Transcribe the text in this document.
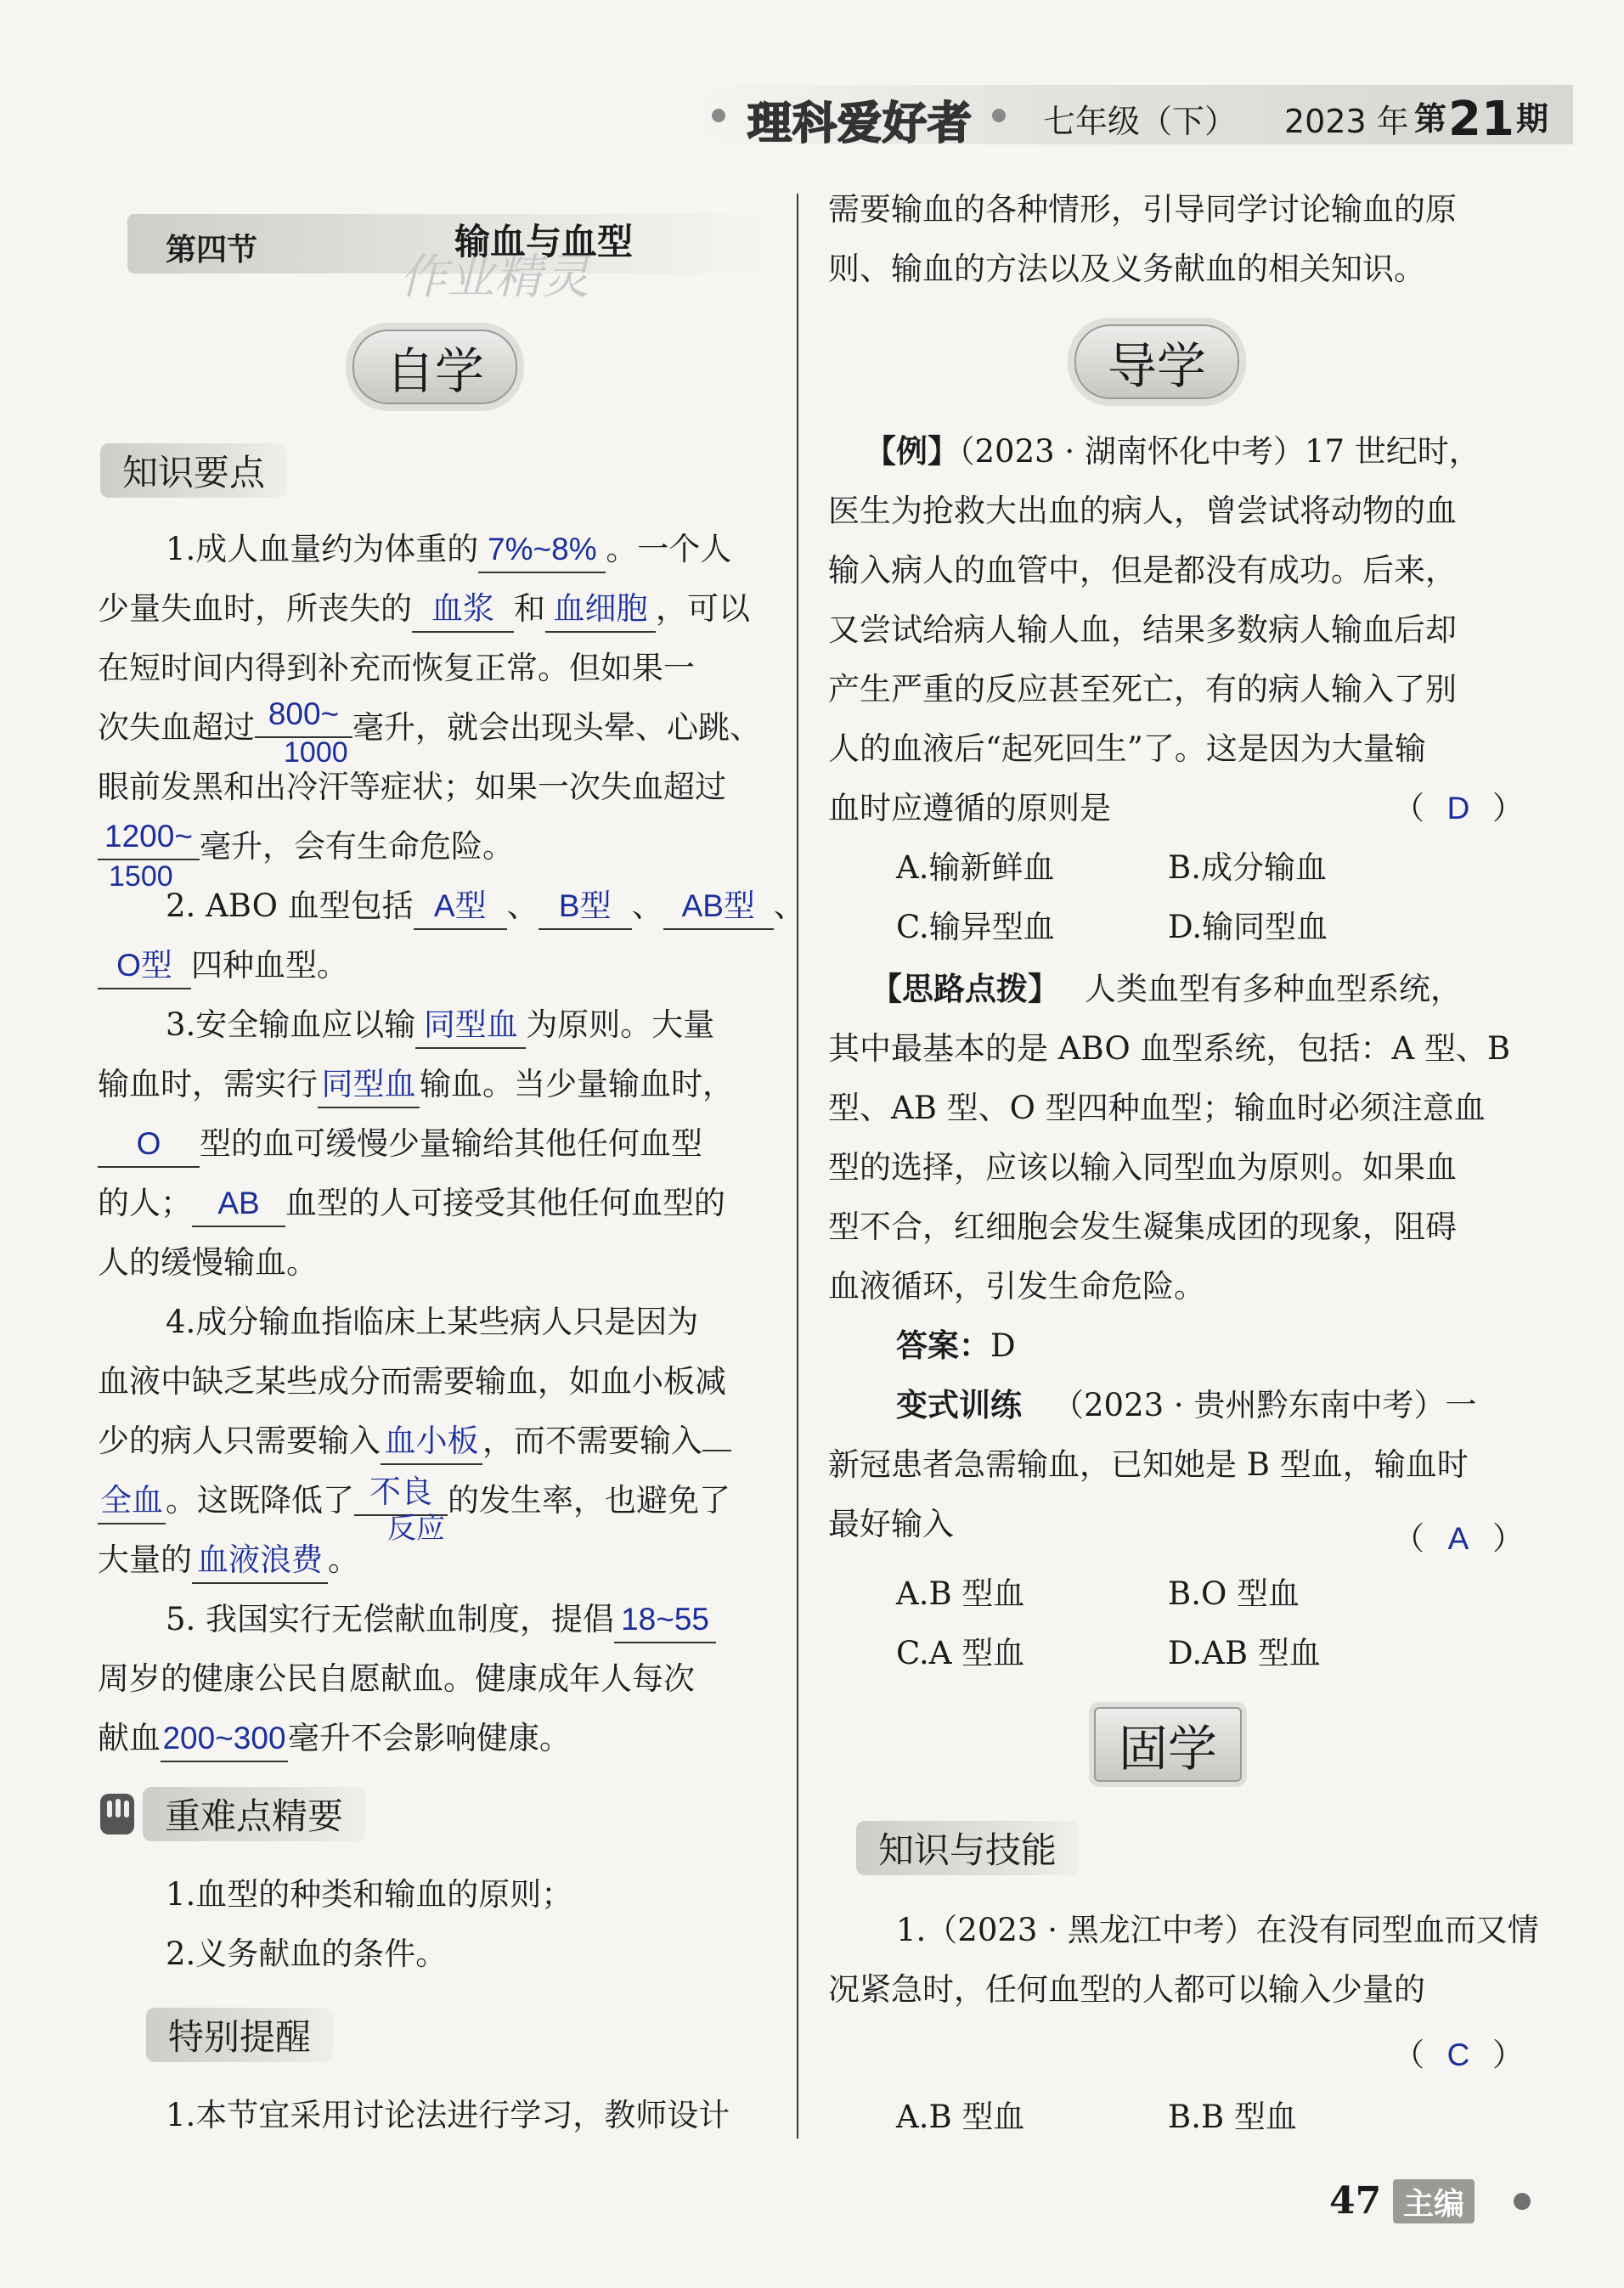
理科爱好者 七年级（下） 2023 年 第21期
第四节	作业精灵
输血与血型
自学
知识要点
1.成人血量约为体重的 7%~8% 。一个人
少量失血时，所丧失的 血浆 和 血细胞 ，可以
在短时间内得到补充而恢复正常。但如果一
次失血超过 800~ 毫升，就会出现头晕、心跳、
1000
眼前发黑和出冷汗等症状；如果一次失血超过
1200~ 毫升，会有生命危险。
1500
2. ABO 血型包括 A型 、 B型 、 AB型 、
O型 四种血型。
3.安全输血应以输 同型血 为原则。大量
输血时，需实行 同型血 输血。当少量输血时，
O 型的血可缓慢少量输给其他任何血型
的人； AB 血型的人可接受其他任何血型的
人的缓慢输血。
4.成分输血指临床上某些病人只是因为
血液中缺乏某些成分而需要输血，如血小板减
少的病人只需要输入 血小板 ，而不需要输入
全血。这既降低了 不良 的发生率，也避免了
反应
大量的 血液浪费 。
5. 我国实行无偿献血制度，提倡 18~55
周岁的健康公民自愿献血。健康成年人每次
献血200~300毫升不会影响健康。
重难点精要
1.血型的种类和输血的原则；
2.义务献血的条件。
特别提醒
1.本节宜采用讨论法进行学习，教师设计
需要输血的各种情形，引导同学讨论输血的原
则、输血的方法以及义务献血的相关知识。
导学
【例】（2023 · 湖南怀化中考）17 世纪时，
医生为抢救大出血的病人，曾尝试将动物的血
输入病人的血管中，但是都没有成功。后来，
又尝试给病人输人血，结果多数病人输血后却
产生严重的反应甚至死亡，有的病人输入了别
人的血液后“起死回生”了。这是因为大量输
血时应遵循的原则是	（ D ）
A.输新鲜血	B.成分输血
C.输异型血	D.输同型血
【思路点拨】 人类血型有多种血型系统，
其中最基本的是 ABO 血型系统，包括：A 型、B
型、AB 型、O 型四种血型；输血时必须注意血
型的选择，应该以输入同型血为原则。如果血
型不合，红细胞会发生凝集成团的现象，阻碍
血液循环，引发生命危险。
答案：D
变式训练 （2023 · 贵州黔东南中考）一
新冠患者急需输血，已知她是 B 型血，输血时
最好输入	（ A ）
A.B 型血	B.O 型血
C.A 型血	D.AB 型血
固学
知识与技能
1.（2023 · 黑龙江中考）在没有同型血而又情
况紧急时，任何血型的人都可以输入少量的
（ C ）
A.B 型血	B.B 型血
47 主编
